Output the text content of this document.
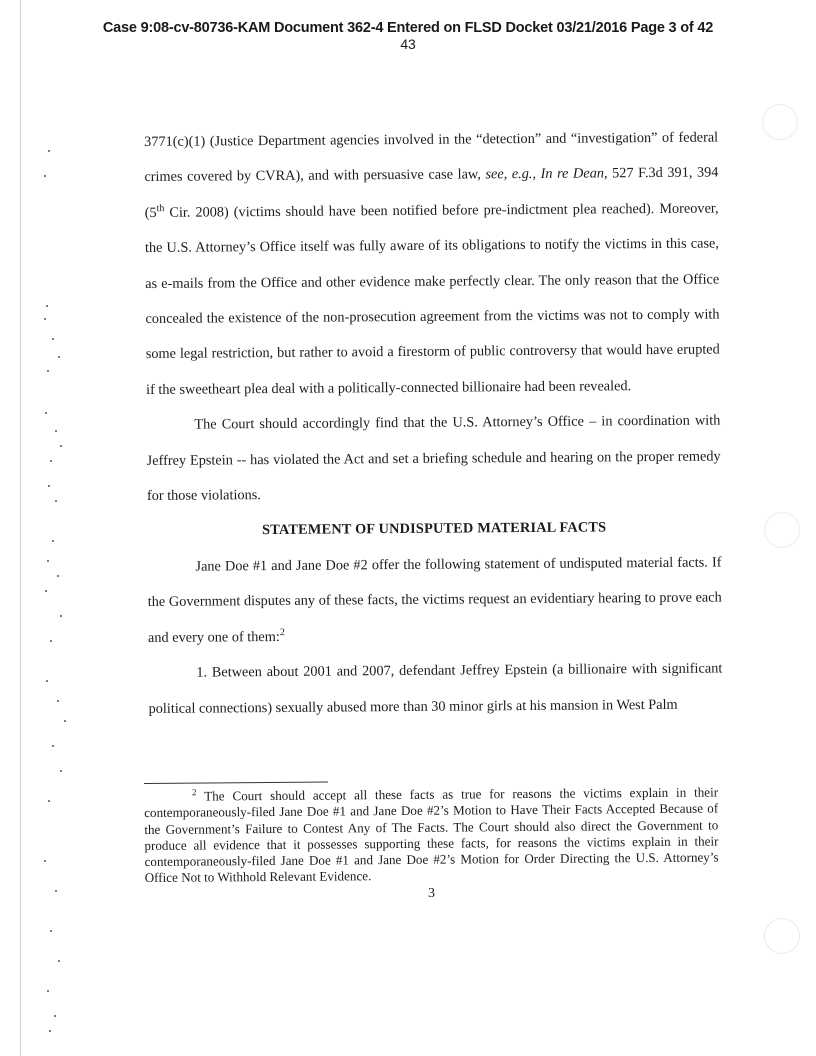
Case 9:08-cv-80736-KAM Document 362-4 Entered on FLSD Docket 03/21/2016 Page 3 of 42
43

3771(c)(1) (Justice Department agencies involved in the “detection” and “investigation” of federal crimes covered by CVRA), and with persuasive case law, see, e.g., In re Dean, 527 F.3d 391, 394 (5th Cir. 2008) (victims should have been notified before pre-indictment plea reached). Moreover, the U.S. Attorney’s Office itself was fully aware of its obligations to notify the victims in this case, as e-mails from the Office and other evidence make perfectly clear. The only reason that the Office concealed the existence of the non-prosecution agreement from the victims was not to comply with some legal restriction, but rather to avoid a firestorm of public controversy that would have erupted if the sweetheart plea deal with a politically-connected billionaire had been revealed.

The Court should accordingly find that the U.S. Attorney’s Office – in coordination with Jeffrey Epstein -- has violated the Act and set a briefing schedule and hearing on the proper remedy for those violations.

STATEMENT OF UNDISPUTED MATERIAL FACTS

Jane Doe #1 and Jane Doe #2 offer the following statement of undisputed material facts. If the Government disputes any of these facts, the victims request an evidentiary hearing to prove each and every one of them:$^2$

1. Between about 2001 and 2007, defendant Jeffrey Epstein (a billionaire with significant political connections) sexually abused more than 30 minor girls at his mansion in West Palm

$^2$ The Court should accept all these facts as true for reasons the victims explain in their contemporaneously-filed Jane Doe #1 and Jane Doe #2’s Motion to Have Their Facts Accepted Because of the Government’s Failure to Contest Any of The Facts. The Court should also direct the Government to produce all evidence that it possesses supporting these facts, for reasons the victims explain in their contemporaneously-filed Jane Doe #1 and Jane Doe #2’s Motion for Order Directing the U.S. Attorney’s Office Not to Withhold Relevant Evidence.

3
